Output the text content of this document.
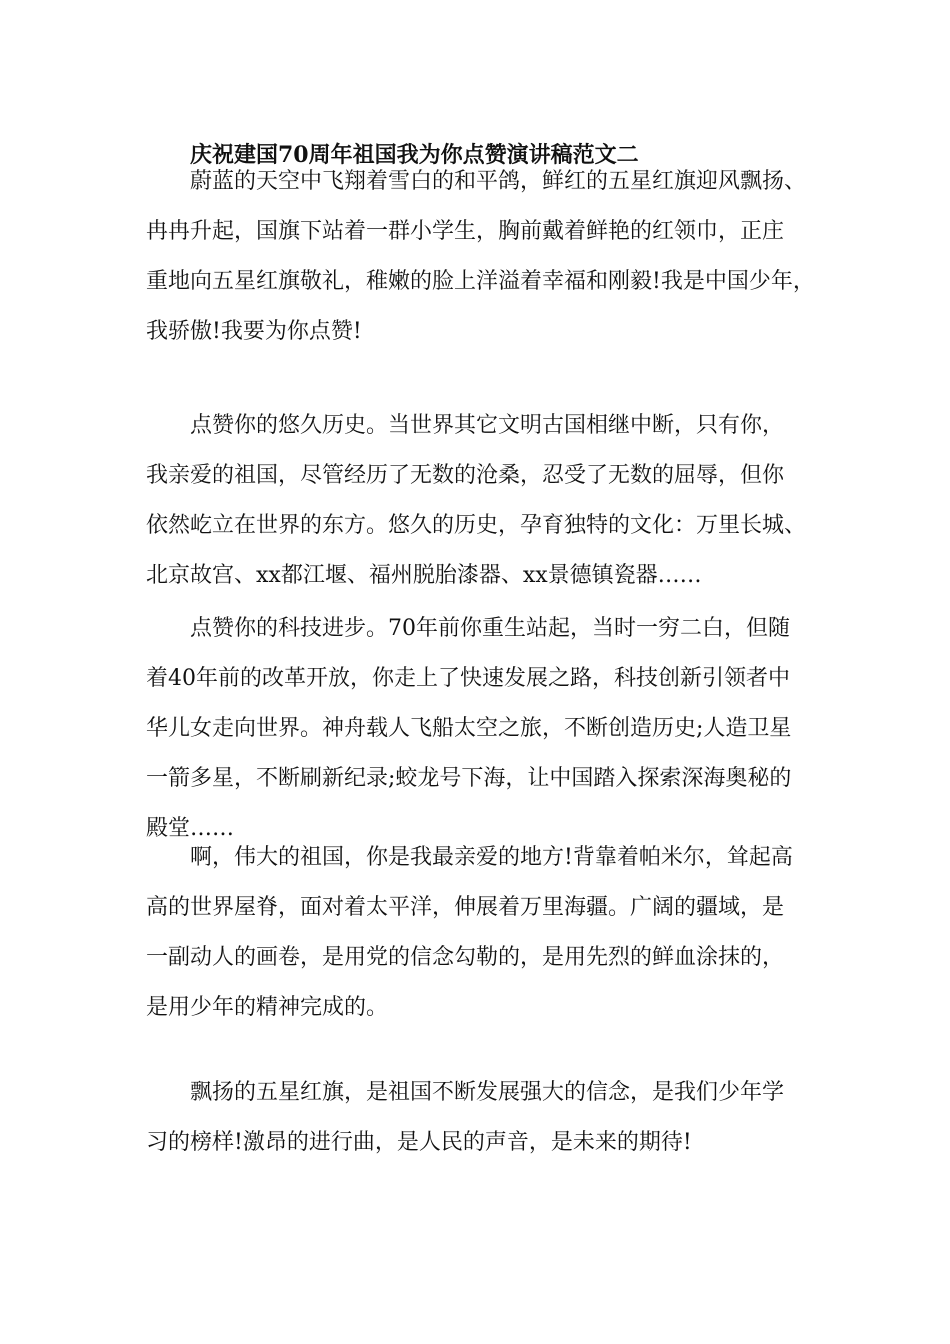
庆祝建国70周年祖国我为你点赞演讲稿范文二
蔚蓝的天空中飞翔着雪白的和平鸽，鲜红的五星红旗迎风飘扬、
冉冉升起，国旗下站着一群小学生，胸前戴着鲜艳的红领巾，正庄
重地向五星红旗敬礼，稚嫩的脸上洋溢着幸福和刚毅!我是中国少年，
我骄傲!我要为你点赞!
点赞你的悠久历史。当世界其它文明古国相继中断，只有你，
我亲爱的祖国，尽管经历了无数的沧桑，忍受了无数的屈辱，但你
依然屹立在世界的东方。悠久的历史，孕育独特的文化：万里长城、
北京故宫、xx都江堰、福州脱胎漆器、xx景德镇瓷器……
点赞你的科技进步。70年前你重生站起，当时一穷二白，但随
着40年前的改革开放，你走上了快速发展之路，科技创新引领者中
华儿女走向世界。神舟载人飞船太空之旅，不断创造历史;人造卫星
一箭多星，不断刷新纪录;蛟龙号下海，让中国踏入探索深海奥秘的
殿堂……
啊，伟大的祖国，你是我最亲爱的地方!背靠着帕米尔，耸起高
高的世界屋脊，面对着太平洋，伸展着万里海疆。广阔的疆域，是
一副动人的画卷，是用党的信念勾勒的，是用先烈的鲜血涂抹的，
是用少年的精神完成的。
飘扬的五星红旗，是祖国不断发展强大的信念，是我们少年学
习的榜样!激昂的进行曲，是人民的声音，是未来的期待!
